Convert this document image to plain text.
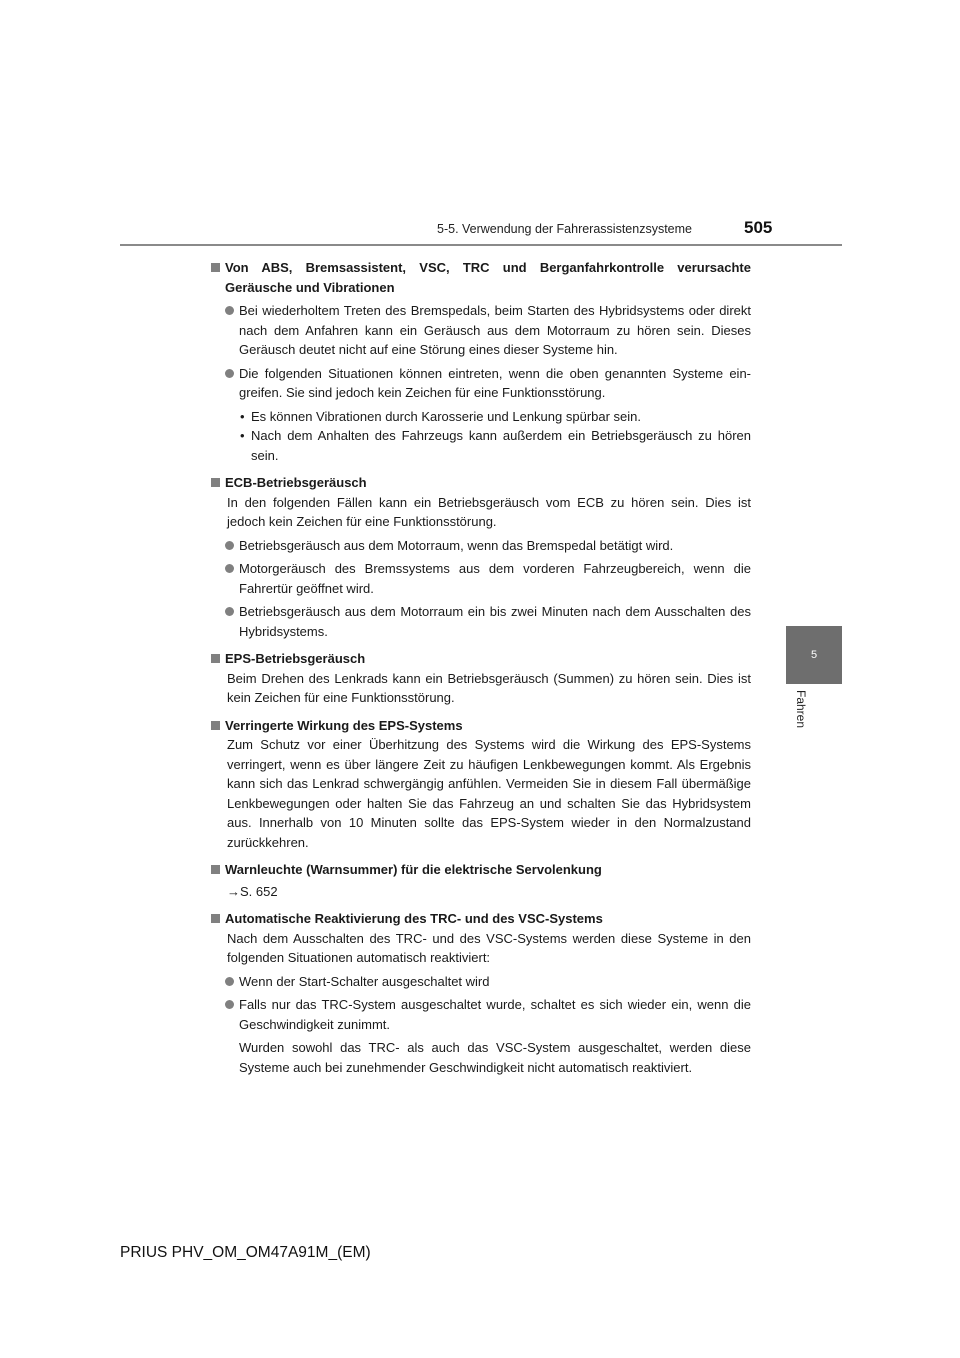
5-5. Verwendung der Fahrerassistenzsysteme	505
5
Fahren
Von ABS, Bremsassistent, VSC, TRC und Berganfahrkontrolle verursachte Geräusche und Vibrationen
Bei wiederholtem Treten des Bremspedals, beim Starten des Hybridsystems oder direkt nach dem Anfahren kann ein Geräusch aus dem Motorraum zu hören sein. Dieses Geräusch deutet nicht auf eine Störung eines dieser Systeme hin.
Die folgenden Situationen können eintreten, wenn die oben genannten Systeme ein-greifen. Sie sind jedoch kein Zeichen für eine Funktionsstörung.
• Es können Vibrationen durch Karosserie und Lenkung spürbar sein.
• Nach dem Anhalten des Fahrzeugs kann außerdem ein Betriebsgeräusch zu hören sein.
ECB-Betriebsgeräusch
In den folgenden Fällen kann ein Betriebsgeräusch vom ECB zu hören sein. Dies ist jedoch kein Zeichen für eine Funktionsstörung.
Betriebsgeräusch aus dem Motorraum, wenn das Bremspedal betätigt wird.
Motorgeräusch des Bremssystems aus dem vorderen Fahrzeugbereich, wenn die Fahrertür geöffnet wird.
Betriebsgeräusch aus dem Motorraum ein bis zwei Minuten nach dem Ausschalten des Hybridsystems.
EPS-Betriebsgeräusch
Beim Drehen des Lenkrads kann ein Betriebsgeräusch (Summen) zu hören sein. Dies ist kein Zeichen für eine Funktionsstörung.
Verringerte Wirkung des EPS-Systems
Zum Schutz vor einer Überhitzung des Systems wird die Wirkung des EPS-Systems verringert, wenn es über längere Zeit zu häufigen Lenkbewegungen kommt. Als Ergebnis kann sich das Lenkrad schwergängig anfühlen. Vermeiden Sie in diesem Fall übermäßige Lenkbewegungen oder halten Sie das Fahrzeug an und schalten Sie das Hybridsystem aus. Innerhalb von 10 Minuten sollte das EPS-System wieder in den Normalzustand zurückkehren.
Warnleuchte (Warnsummer) für die elektrische Servolenkung
→S. 652
Automatische Reaktivierung des TRC- und des VSC-Systems
Nach dem Ausschalten des TRC- und des VSC-Systems werden diese Systeme in den folgenden Situationen automatisch reaktiviert:
Wenn der Start-Schalter ausgeschaltet wird
Falls nur das TRC-System ausgeschaltet wurde, schaltet es sich wieder ein, wenn die Geschwindigkeit zunimmt.
Wurden sowohl das TRC- als auch das VSC-System ausgeschaltet, werden diese Systeme auch bei zunehmender Geschwindigkeit nicht automatisch reaktiviert.
PRIUS PHV_OM_OM47A91M_(EM)
